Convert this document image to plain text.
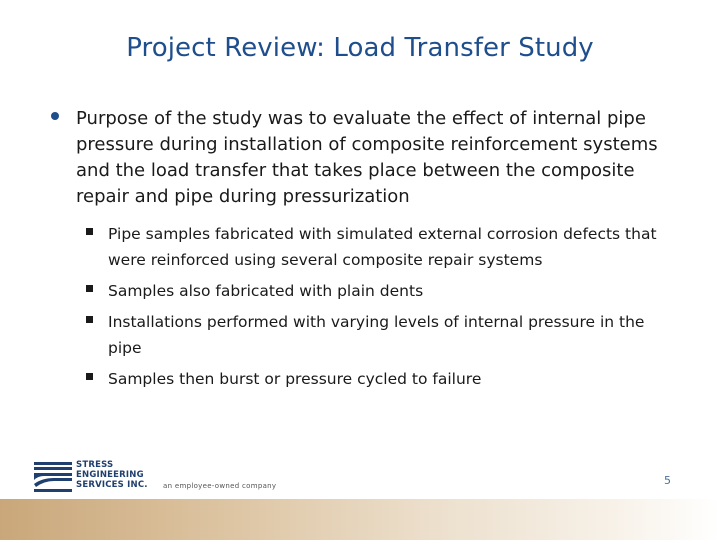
Project Review: Load Transfer Study
Purpose of the study was to evaluate the effect of internal pipe pressure during installation of composite reinforcement systems and the load transfer that takes place between the composite repair and pipe during pressurization
Pipe samples fabricated with simulated external corrosion defects that were reinforced using several composite repair systems
Samples also fabricated with plain dents
Installations performed with varying levels of internal pressure in the pipe
Samples then burst or pressure cycled to failure
STRESS
ENGINEERING
SERVICES INC. an employee-owned company	5
